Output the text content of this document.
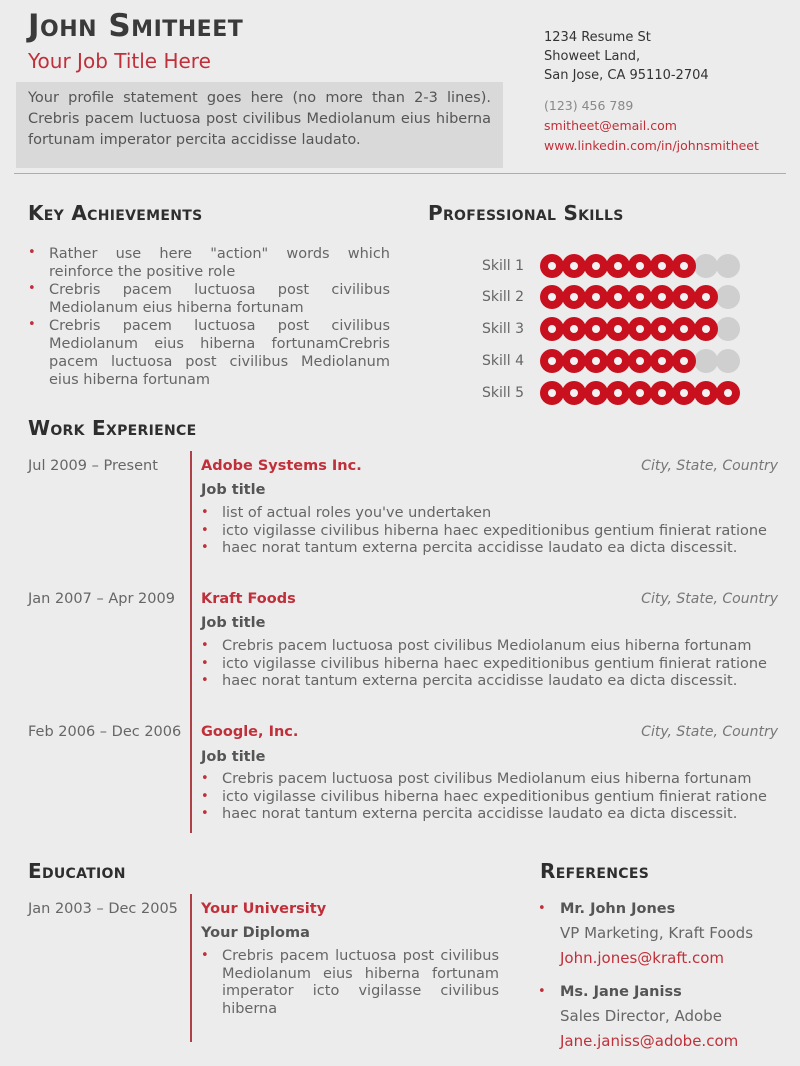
John Smitheet
Your Job Title Here
Your profile statement goes here (no more than 2-3 lines). Crebris pacem luctuosa post civilibus Mediolanum eius hiberna fortunam imperator percita accidisse laudato.
1234 Resume St
Showeet Land,
San Jose, CA 95110-2704
(123) 456 789
smitheet@email.com
www.linkedin.com/in/johnsmitheet
Key Achievements
• Rather use here "action" words which reinforce the positive role
• Crebris pacem luctuosa post civilibus Mediolanum eius hiberna fortunam
• Crebris pacem luctuosa post civilibus Mediolanum eius hiberna fortunamCrebris pacem luctuosa post civilibus Mediolanum eius hiberna fortunam
Professional Skills
Skill 1
Skill 2
Skill 3
Skill 4
Skill 5
Work Experience
Jul 2009 – Present	Adobe Systems Inc.	City, State, Country
Job title
• list of actual roles you've undertaken
• icto vigilasse civilibus hiberna haec expeditionibus gentium finierat ratione
• haec norat tantum externa percita accidisse laudato ea dicta discessit.
Jan 2007 – Apr 2009 Kraft Foods	City, State, Country
Job title
• Crebris pacem luctuosa post civilibus Mediolanum eius hiberna fortunam
• icto vigilasse civilibus hiberna haec expeditionibus gentium finierat ratione
• haec norat tantum externa percita accidisse laudato ea dicta discessit.
Feb 2006 – Dec 2006 Google, Inc.	City, State, Country
Job title
• Crebris pacem luctuosa post civilibus Mediolanum eius hiberna fortunam
• icto vigilasse civilibus hiberna haec expeditionibus gentium finierat ratione
• haec norat tantum externa percita accidisse laudato ea dicta discessit.
Education
Jan 2003 – Dec 2005 Your University
Your Diploma
• Crebris pacem luctuosa post civilibus Mediolanum eius hiberna fortunam imperator icto vigilasse civilibus hiberna
References
• Mr. John Jones
VP Marketing, Kraft Foods
John.jones@kraft.com
• Ms. Jane Janiss
Sales Director, Adobe
Jane.janiss@adobe.com
